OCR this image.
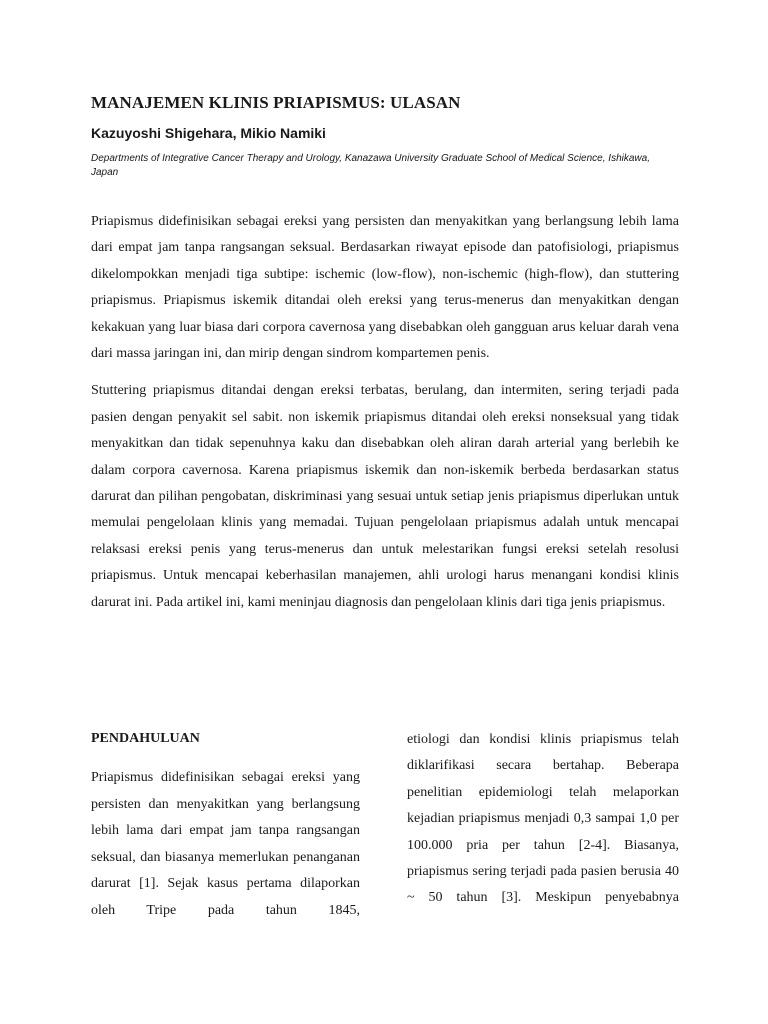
MANAJEMEN KLINIS PRIAPISMUS: ULASAN

Kazuyoshi Shigehara, Mikio Namiki

Departments of Integrative Cancer Therapy and Urology, Kanazawa University Graduate School of Medical Science, Ishikawa, Japan

Priapismus didefinisikan sebagai ereksi yang persisten dan menyakitkan yang berlangsung lebih lama dari empat jam tanpa rangsangan seksual. Berdasarkan riwayat episode dan patofisiologi, priapismus dikelompokkan menjadi tiga subtipe: ischemic (low-flow), non-ischemic (high-flow), dan stuttering priapismus. Priapismus iskemik ditandai oleh ereksi yang terus-menerus dan menyakitkan dengan kekakuan yang luar biasa dari corpora cavernosa yang disebabkan oleh gangguan arus keluar darah vena dari massa jaringan ini, dan mirip dengan sindrom kompartemen penis.

Stuttering priapismus ditandai dengan ereksi terbatas, berulang, dan intermiten, sering terjadi pada pasien dengan penyakit sel sabit. non iskemik priapismus ditandai oleh ereksi nonseksual yang tidak menyakitkan dan tidak sepenuhnya kaku dan disebabkan oleh aliran darah arterial yang berlebih ke dalam corpora cavernosa. Karena priapismus iskemik dan non-iskemik berbeda berdasarkan status darurat dan pilihan pengobatan, diskriminasi yang sesuai untuk setiap jenis priapismus diperlukan untuk memulai pengelolaan klinis yang memadai. Tujuan pengelolaan priapismus adalah untuk mencapai relaksasi ereksi penis yang terus-menerus dan untuk melestarikan fungsi ereksi setelah resolusi priapismus. Untuk mencapai keberhasilan manajemen, ahli urologi harus menangani kondisi klinis darurat ini. Pada artikel ini, kami meninjau diagnosis dan pengelolaan klinis dari tiga jenis priapismus.

PENDAHULUAN

Priapismus didefinisikan sebagai ereksi yang persisten dan menyakitkan yang berlangsung lebih lama dari empat jam tanpa rangsangan seksual, dan biasanya memerlukan penanganan darurat [1]. Sejak kasus pertama dilaporkan oleh Tripe pada tahun 1845,

etiologi dan kondisi klinis priapismus telah diklarifikasi secara bertahap. Beberapa penelitian epidemiologi telah melaporkan kejadian priapismus menjadi 0,3 sampai 1,0 per 100.000 pria per tahun [2-4]. Biasanya, priapismus sering terjadi pada pasien berusia 40 ~ 50 tahun [3]. Meskipun penyebabnya
